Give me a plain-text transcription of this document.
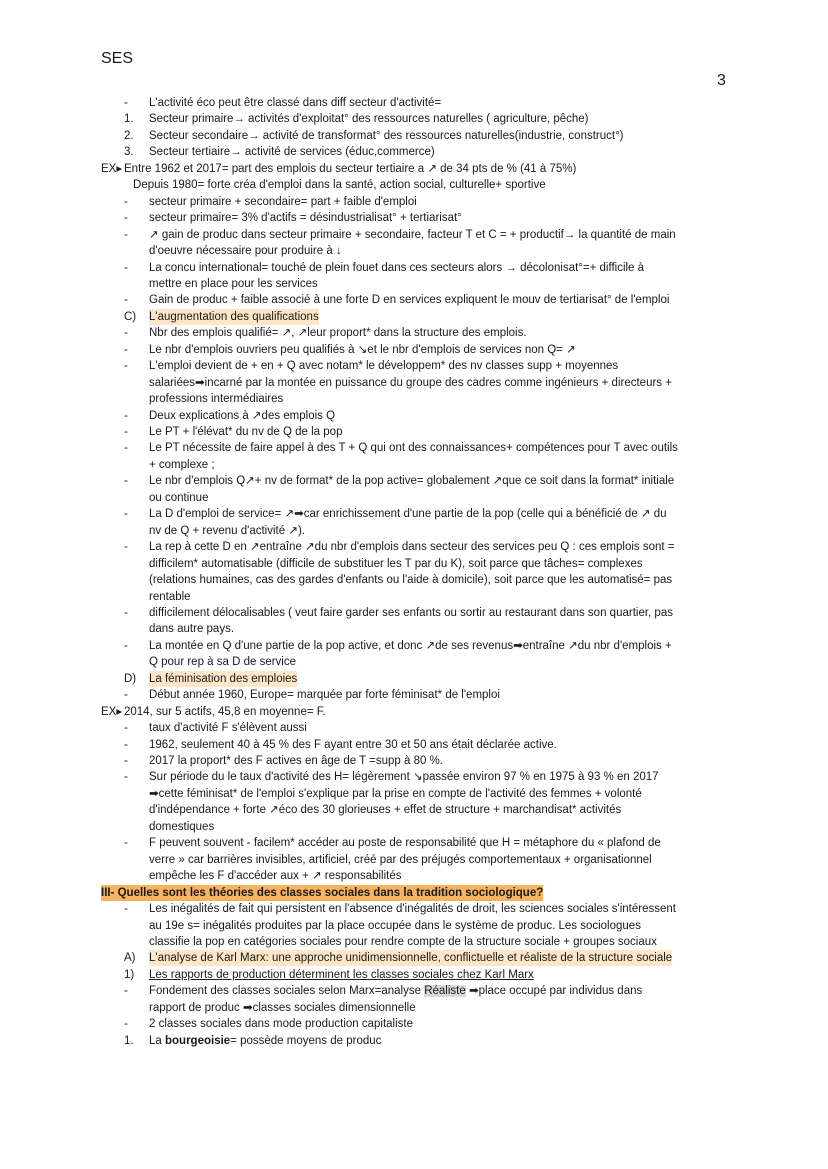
SES
3
- L'activité éco peut être classé dans diff secteur d'activité=
1. Secteur primaire→ activités d'exploitat° des ressources naturelles ( agriculture, pêche)
2. Secteur secondaire→ activité de transformat° des ressources naturelles(industrie, construct°)
3. Secteur tertiaire→ activité de services (éduc,commerce)
EX▸ Entre 1962 et 2017= part des emplois du secteur tertiaire a ↗ de 34 pts de % (41 à 75%)
Depuis 1980= forte créa d'emploi dans la santé, action social, culturelle+ sportive
- secteur primaire + secondaire= part + faible d'emploi
- secteur primaire= 3% d'actifs = désindustrialisat° + tertiarisat°
- ↗ gain de produc dans secteur primaire + secondaire, facteur T et C = + productif→ la quantité de main
d'oeuvre nécessaire pour produire à ↓
- La concu international= touché de plein fouet dans ces secteurs alors → décolonisat°=+ difficile à
mettre en place pour les services
- Gain de produc + faible associé à une forte D en services expliquent le mouv de tertiarisat° de l'emploi
C) L'augmentation des qualifications
- Nbr des emplois qualifié= ↗, ↗leur proport* dans la structure des emplois.
- Le nbr d'emplois ouvriers peu qualifiés à ↘et le nbr d'emplois de services non Q= ↗
- L'emploi devient de + en + Q avec notam* le développem* des nv classes supp + moyennes
salariées➡incarné par la montée en puissance du groupe des cadres comme ingénieurs + directeurs +
professions intermédiaires
- Deux explications à ↗des emplois Q
- Le PT + l'élévat* du nv de Q de la pop
- Le PT nécessite de faire appel à des T + Q qui ont des connaissances+ compétences pour T avec outils
+ complexe ;
- Le nbr d'emplois Q↗+ nv de format* de la pop active= globalement ↗que ce soit dans la format* initiale
ou continue
- La D d'emploi de service= ↗➡car enrichissement d'une partie de la pop (celle qui a bénéficié de ↗ du
nv de Q + revenu d'activité ↗).
- La rep à cette D en ↗entraîne ↗du nbr d'emplois dans secteur des services peu Q : ces emplois sont =
difficilem* automatisable (difficile de substituer les T par du K), soit parce que tâches= complexes
(relations humaines, cas des gardes d'enfants ou l'aide à domicile), soit parce que les automatisé= pas
rentable
- difficilement délocalisables ( veut faire garder ses enfants ou sortir au restaurant dans son quartier, pas
dans autre pays.
- La montée en Q d'une partie de la pop active, et donc ↗de ses revenus➡entraîne ↗du nbr d'emplois +
Q pour rep à sa D de service
D) La féminisation des emploies
- Début année 1960, Europe= marquée par forte féminisat* de l'emploi
EX▸ 2014, sur 5 actifs, 45,8 en moyenne= F.
- taux d'activité F s'élèvent aussi
- 1962, seulement 40 à 45 % des F ayant entre 30 et 50 ans était déclarée active.
- 2017 la proport* des F actives en âge de T =supp à 80 %.
- Sur période du le taux d'activité des H= légèrement ↘passée environ 97 % en 1975 à 93 % en 2017
➡cette féminisat* de l'emploi s'explique par la prise en compte de l'activité des femmes + volonté
d'indépendance + forte ↗éco des 30 glorieuses + effet de structure + marchandisat* activités
domestiques
- F peuvent souvent - facilem* accéder au poste de responsabilité que H = métaphore du « plafond de
verre » car barrières invisibles, artificiel, créé par des préjugés comportementaux + organisationnel
empêche les F d'accéder aux + ↗ responsabilités
III- Quelles sont les théories des classes sociales dans la tradition sociologique?
- Les inégalités de fait qui persistent en l'absence d'inégalités de droit, les sciences sociales s'intéressent
au 19e s= inégalités produites par la place occupée dans le système de produc. Les sociologues
classifie la pop en catégories sociales pour rendre compte de la structure sociale + groupes sociaux
A) L'analyse de Karl Marx: une approche unidimensionnelle, conflictuelle et réaliste de la structure sociale
1) Les rapports de production déterminent les classes sociales chez Karl Marx
- Fondement des classes sociales selon Marx=analyse Réaliste ➡place occupé par individus dans
rapport de produc ➡classes sociales dimensionnelle
- 2 classes sociales dans mode production capitaliste
1. La bourgeoisie= possède moyens de produc
